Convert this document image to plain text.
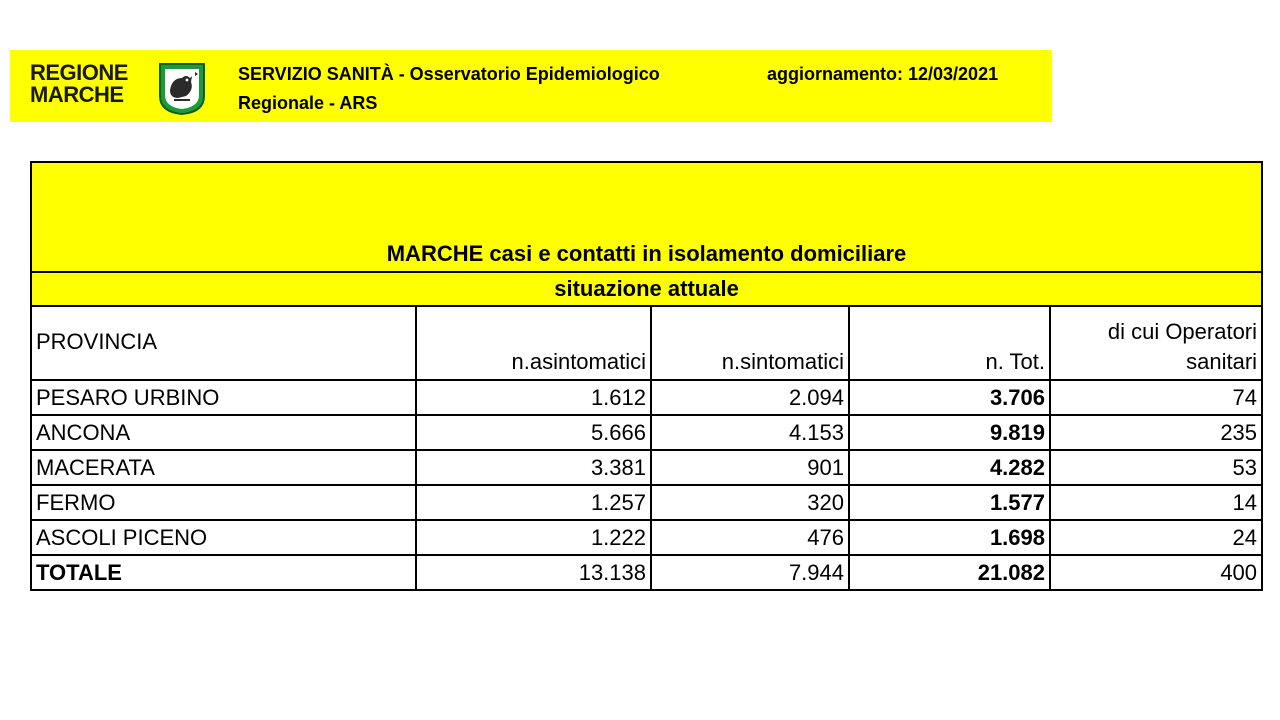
REGIONE
MARCHE
SERVIZIO SANITÀ - Osservatorio Epidemiologico
Regionale - ARS
aggiornamento: 12/03/2021
MARCHE casi e contatti in isolamento domiciliare				
situazione attuale				
PROVINCIA	n.asintomatici	n.sintomatici	n. Tot.	di cui Operatori
sanitari

PESARO URBINO	1.612	2.094	3.706	74
ANCONA	5.666	4.153	9.819	235
MACERATA	3.381	901	4.282	53
FERMO	1.257	320	1.577	14
ASCOLI PICENO	1.222	476	1.698	24
TOTALE	13.138	7.944	21.082	400
